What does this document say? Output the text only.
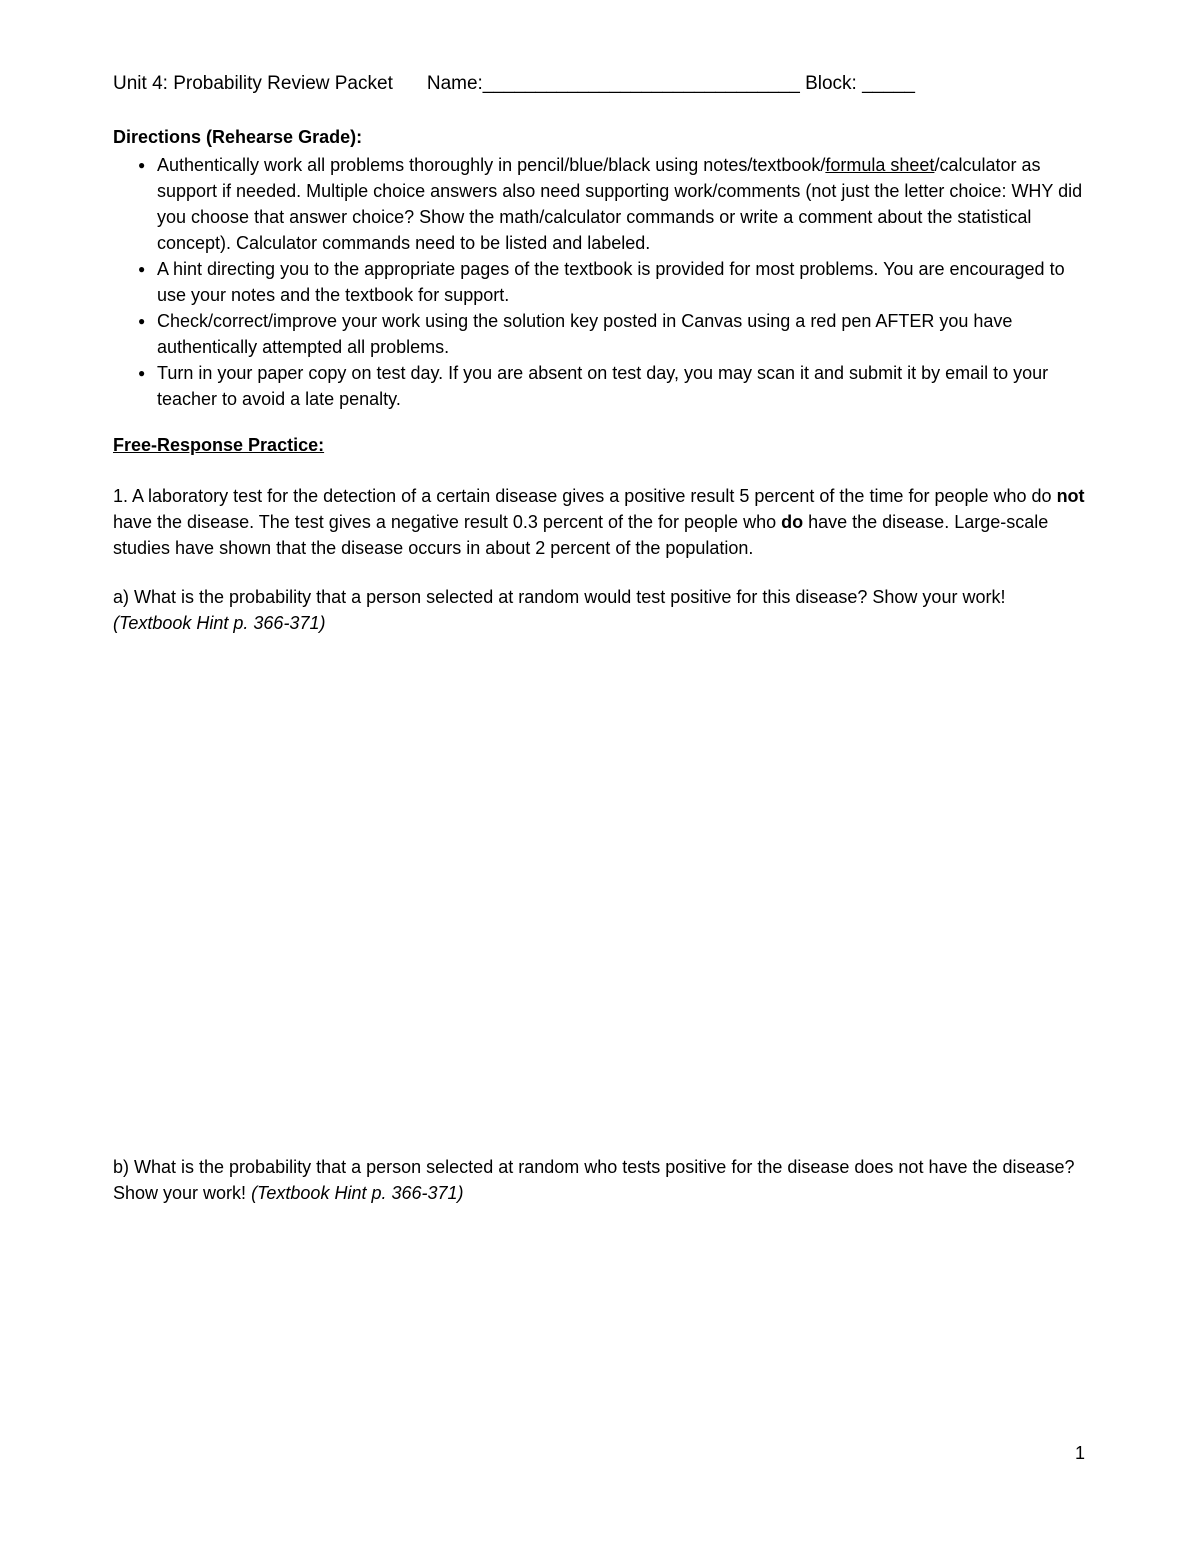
Unit 4: Probability Review Packet Name:______________________________ Block: _____
Directions (Rehearse Grade):
● Authentically work all problems thoroughly in pencil/blue/black using notes/textbook/formula sheet/calculator as support if needed. Multiple choice answers also need supporting work/comments (not just the letter choice: WHY did you choose that answer choice? Show the math/calculator commands or write a comment about the statistical concept). Calculator commands need to be listed and labeled.
● A hint directing you to the appropriate pages of the textbook is provided for most problems. You are encouraged to use your notes and the textbook for support.
● Check/correct/improve your work using the solution key posted in Canvas using a red pen AFTER you have authentically attempted all problems.
● Turn in your paper copy on test day. If you are absent on test day, you may scan it and submit it by email to your teacher to avoid a late penalty.
Free-Response Practice:

1. A laboratory test for the detection of a certain disease gives a positive result 5 percent of the time for people who do not have the disease. The test gives a negative result 0.3 percent of the for people who do have the disease. Large-scale studies have shown that the disease occurs in about 2 percent of the population.

a) What is the probability that a person selected at random would test positive for this disease? Show your work! (Textbook Hint p. 366-371)

b) What is the probability that a person selected at random who tests positive for the disease does not have the disease? Show your work! (Textbook Hint p. 366-371)

1
